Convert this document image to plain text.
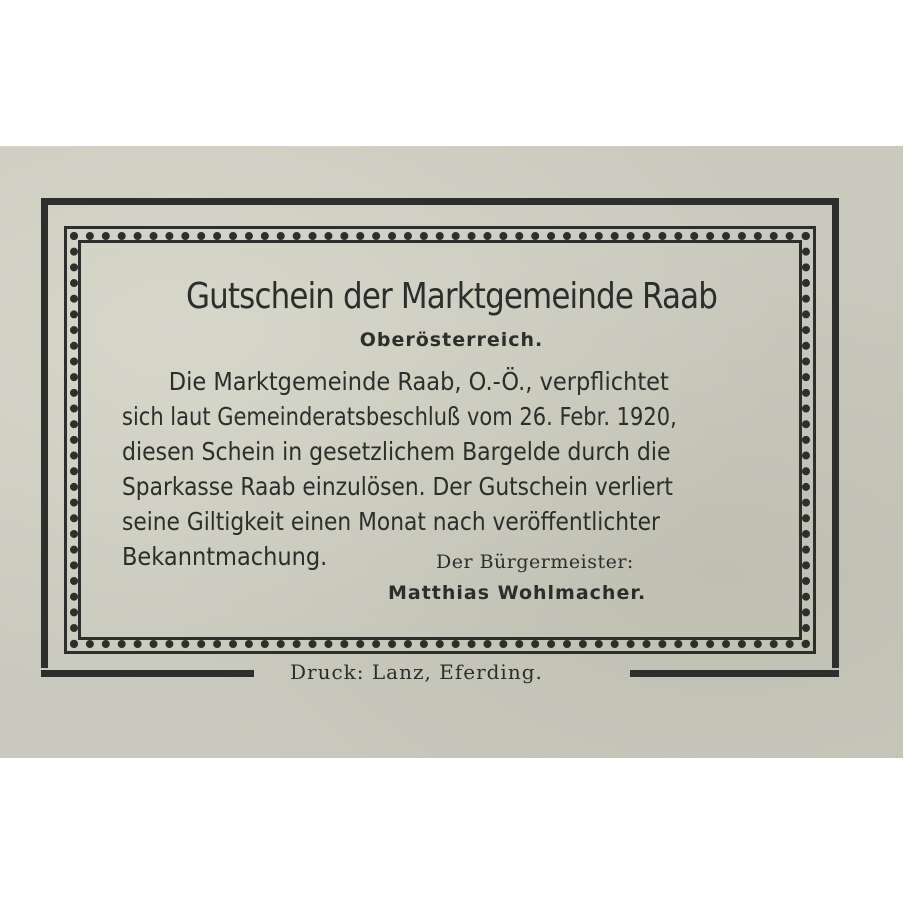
Gutschein der Marktgemeinde Raab
Oberösterreich.
Die Marktgemeinde Raab, O.-Ö., verpflichtet
sich laut Gemeinderatsbeschluß vom 26. Febr. 1920,
diesen Schein in gesetzlichem Bargelde durch die
Sparkasse Raab einzulösen. Der Gutschein verliert
seine Giltigkeit einen Monat nach veröffentlichter
Bekanntmachung.	Der Bürgermeister:
Matthias Wohlmacher.
Druck: Lanz, Eferding.
